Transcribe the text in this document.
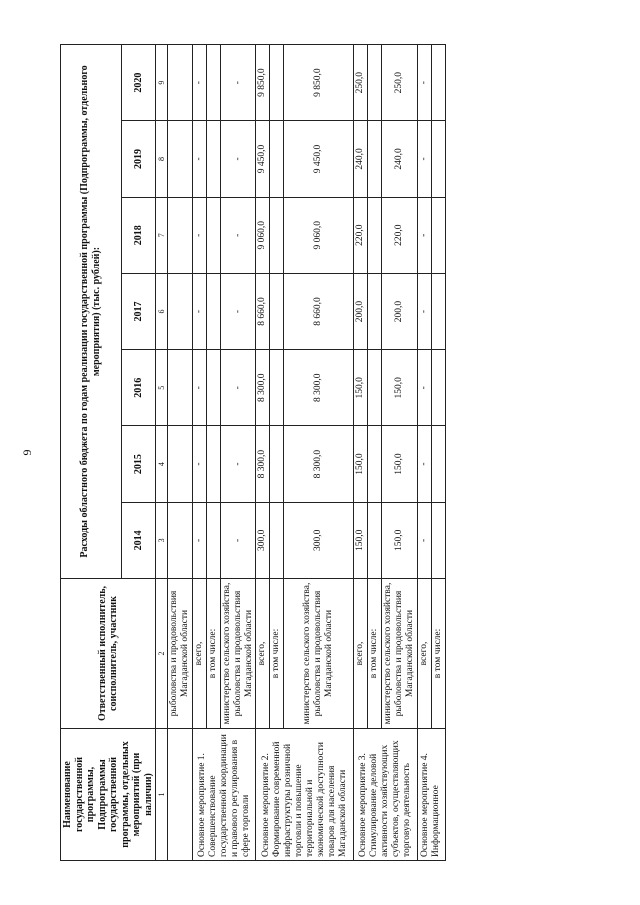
9
Наименование государственной программы, Подпрограммы государственной программы, отдельных мероприятий (при наличии)	Ответственный исполнитель, соисполнитель, участник	Расходы областного бюджета по годам реализации государственной программы (Подпрограммы, отдельного мероприятия) (тыс. рублей):						
		2014	2015	2016	2017	2018	2019	2020
1	2	3	4	5	6	7	8	9
	рыболовства и продовольствия Магаданской области							
Основное мероприятие 1. Совершенствование государственной координации и правового регулирования в сфере торговли	всего,	-	-	-	-	-	-	-
	в том числе:							
	министерство сельского хозяйства, рыболовства и продовольствия Магаданской области	-	-	-	-	-	-	-
Основное мероприятие 2. Формирование современной инфраструктуры розничной торговли и повышение территориальной и экономической доступности товаров для населения Магаданской области	всего,	300,0	8 300,0	8 300,0	8 660,0	9 060,0	9 450,0	9 850,0
	в том числе:							
	министерство сельского хозяйства, рыболовства и продовольствия Магаданской области	300,0	8 300,0	8 300,0	8 660,0	9 060,0	9 450,0	9 850,0
Основное мероприятие 3. Стимулирование деловой активности хозяйствующих субъектов, осуществляющих торговую деятельность	всего,	150,0	150,0	150,0	200,0	220,0	240,0	250,0
	в том числе:							
	министерство сельского хозяйства, рыболовства и продовольствия Магаданской области	150,0	150,0	150,0	200,0	220,0	240,0	250,0
Основное мероприятие 4. Информационное	всего,	-	-	-	-	-	-	-
	в том числе:							
